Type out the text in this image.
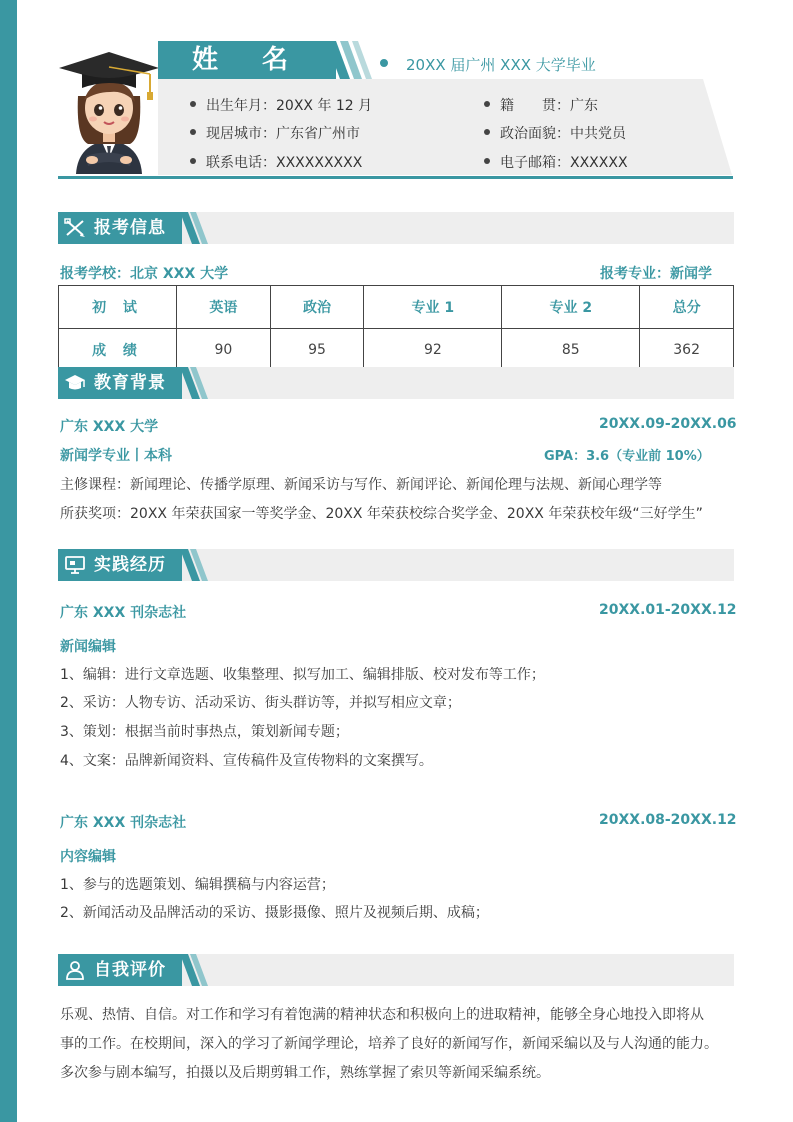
姓名	20XX 届广州 XXX 大学毕业
出生年月：20XX 年 12 月	籍　　贯：广东
现居城市：广东省广州市	政治面貌：中共党员
联系电话：XXXXXXXXX	电子邮箱：XXXXXX
报考信息
报考学校：北京 XXX 大学	报考专业：新闻学
初 试	英语	政治	专业 1	专业 2	总分
成 绩	90	95	92	85	362
教育背景
广东 XXX 大学	20XX.09-20XX.06
新闻学专业丨本科	GPA：3.6（专业前 10%）
主修课程：新闻理论、传播学原理、新闻采访与写作、新闻评论、新闻伦理与法规、新闻心理学等
所获奖项：20XX 年荣获国家一等奖学金、20XX 年荣获校综合奖学金、20XX 年荣获校年级“三好学生”
实践经历
广东 XXX 刊杂志社	20XX.01-20XX.12
新闻编辑
1、编辑：进行文章选题、收集整理、拟写加工、编辑排版、校对发布等工作；
2、采访：人物专访、活动采访、街头群访等，并拟写相应文章；
3、策划：根据当前时事热点，策划新闻专题；
4、文案：品牌新闻资料、宣传稿件及宣传物料的文案撰写。
广东 XXX 刊杂志社	20XX.08-20XX.12
内容编辑
1、参与的选题策划、编辑撰稿与内容运营；
2、新闻活动及品牌活动的采访、摄影摄像、照片及视频后期、成稿；
自我评价
乐观、热情、自信。对工作和学习有着饱满的精神状态和积极向上的进取精神，能够全身心地投入即将从
事的工作。在校期间，深入的学习了新闻学理论，培养了良好的新闻写作，新闻采编以及与人沟通的能力。
多次参与剧本编写，拍摄以及后期剪辑工作，熟练掌握了索贝等新闻采编系统。
